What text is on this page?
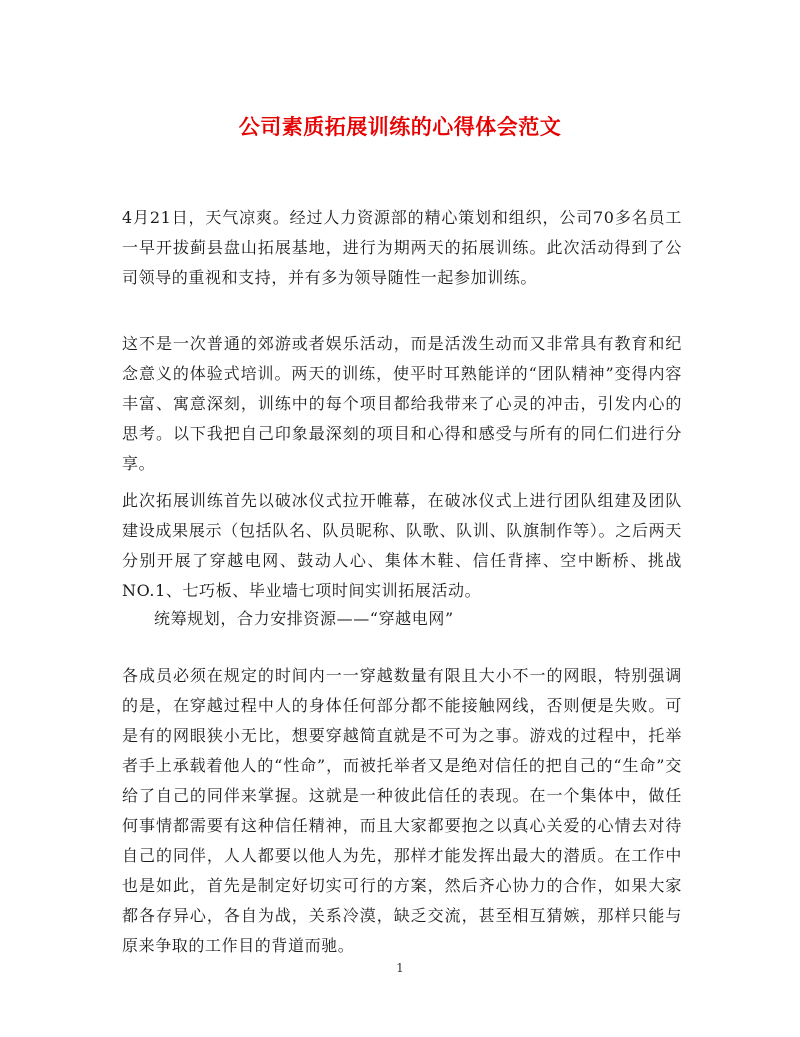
公司素质拓展训练的心得体会范文

4月21日，天气凉爽。经过人力资源部的精心策划和组织，公司70多名员工一早开拔蓟县盘山拓展基地，进行为期两天的拓展训练。此次活动得到了公司领导的重视和支持，并有多为领导随性一起参加训练。

这不是一次普通的郊游或者娱乐活动，而是活泼生动而又非常具有教育和纪念意义的体验式培训。两天的训练，使平时耳熟能详的“团队精神”变得内容丰富、寓意深刻，训练中的每个项目都给我带来了心灵的冲击，引发内心的思考。以下我把自己印象最深刻的项目和心得和感受与所有的同仁们进行分享。

此次拓展训练首先以破冰仪式拉开帷幕，在破冰仪式上进行团队组建及团队建设成果展示（包括队名、队员昵称、队歌、队训、队旗制作等）。之后两天分别开展了穿越电网、鼓动人心、集体木鞋、信任背摔、空中断桥、挑战NO.1、七巧板、毕业墙七项时间实训拓展活动。

统筹规划，合力安排资源——“穿越电网”

各成员必须在规定的时间内一一穿越数量有限且大小不一的网眼，特别强调的是，在穿越过程中人的身体任何部分都不能接触网线，否则便是失败。可是有的网眼狭小无比，想要穿越简直就是不可为之事。游戏的过程中，托举者手上承载着他人的“性命”，而被托举者又是绝对信任的把自己的“生命”交给了自己的同伴来掌握。这就是一种彼此信任的表现。在一个集体中，做任何事情都需要有这种信任精神，而且大家都要抱之以真心关爱的心情去对待自己的同伴，人人都要以他人为先，那样才能发挥出最大的潜质。在工作中也是如此，首先是制定好切实可行的方案，然后齐心协力的合作，如果大家都各存异心，各自为战，关系冷漠，缺乏交流，甚至相互猜嫉，那样只能与原来争取的工作目的背道而驰。

1
